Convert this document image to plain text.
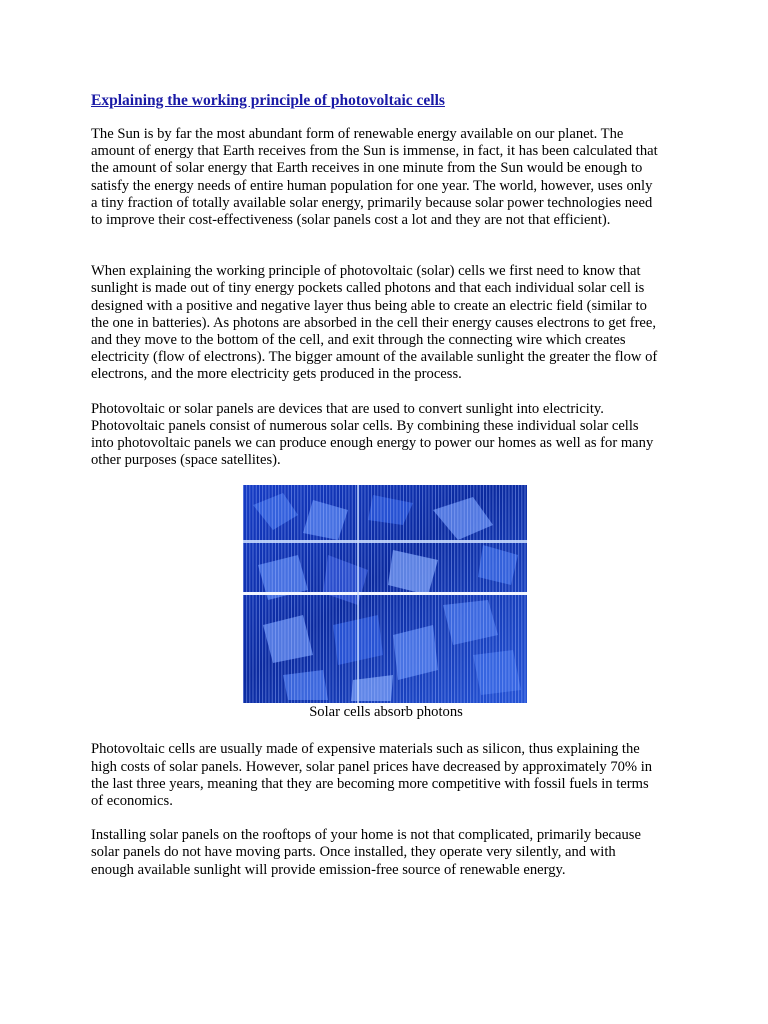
Explaining the working principle of photovoltaic cells

The Sun is by far the most abundant form of renewable energy available on our planet. The
amount of energy that Earth receives from the Sun is immense, in fact, it has been calculated that
the amount of solar energy that Earth receives in one minute from the Sun would be enough to
satisfy the energy needs of entire human population for one year. The world, however, uses only
a tiny fraction of totally available solar energy, primarily because solar power technologies need
to improve their cost-effectiveness (solar panels cost a lot and they are not that efficient).

When explaining the working principle of photovoltaic (solar) cells we first need to know that
sunlight is made out of tiny energy pockets called photons and that each individual solar cell is
designed with a positive and negative layer thus being able to create an electric field (similar to
the one in batteries). As photons are absorbed in the cell their energy causes electrons to get free,
and they move to the bottom of the cell, and exit through the connecting wire which creates
electricity (flow of electrons). The bigger amount of the available sunlight the greater the flow of
electrons, and the more electricity gets produced in the process.

Photovoltaic or solar panels are devices that are used to convert sunlight into electricity.
Photovoltaic panels consist of numerous solar cells. By combining these individual solar cells
into photovoltaic panels we can produce enough energy to power our homes as well as for many
other purposes (space satellites).

Solar cells absorb photons

Photovoltaic cells are usually made of expensive materials such as silicon, thus explaining the
high costs of solar panels. However, solar panel prices have decreased by approximately 70% in
the last three years, meaning that they are becoming more competitive with fossil fuels in terms
of economics.

Installing solar panels on the rooftops of your home is not that complicated, primarily because
solar panels do not have moving parts. Once installed, they operate very silently, and with
enough available sunlight will provide emission-free source of renewable energy.
